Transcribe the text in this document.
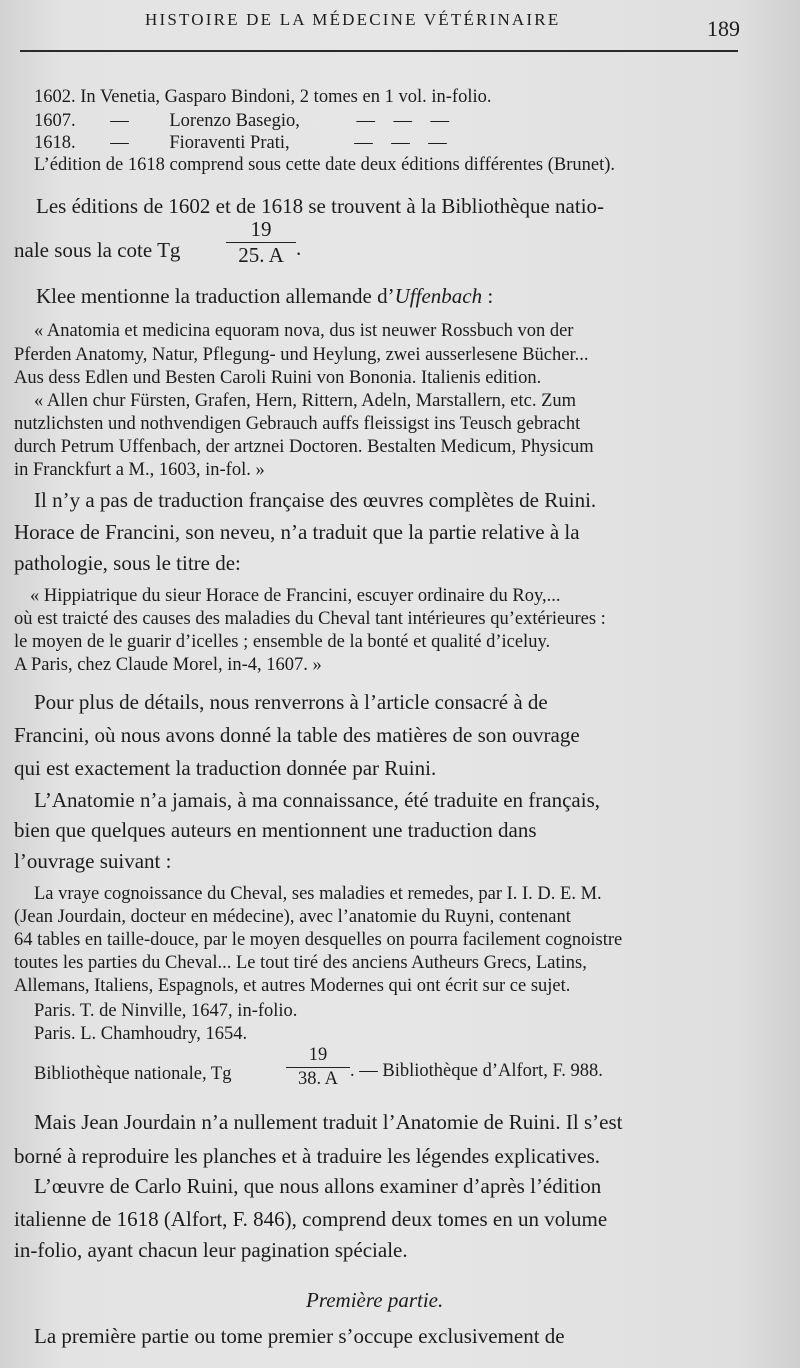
HISTOIRE DE LA MÉDECINE VÉTÉRINAIRE	189
1602. In Venetia, Gasparo Bindoni, 2 tomes en 1 vol. in-folio.
1607. — Lorenzo Basegio,	—    —    —
1618. — Fioraventi Prati,	—    —    —
L’édition de 1618 comprend sous cette date deux éditions différentes (Brunet).
Les éditions de 1602 et de 1618 se trouvent à la Bibliothèque natio-
nale sous la cote Tg
19
25. A .
Klee mentionne la traduction allemande d’Uffenbach :
« Anatomia et medicina equoram nova, dus ist neuwer Rossbuch von der
Pferden Anatomy, Natur, Pflegung- und Heylung, zwei ausserlesene Bücher...
Aus dess Edlen und Besten Caroli Ruini von Bononia. Italienis edition.
« Allen chur Fürsten, Grafen, Hern, Rittern, Adeln, Marstallern, etc. Zum
nutzlichsten und nothvendigen Gebrauch auffs fleissigst ins Teusch gebracht
durch Petrum Uffenbach, der artznei Doctoren. Bestalten Medicum, Physicum
in Franckfurt a M., 1603, in-fol. »
Il n’y a pas de traduction française des œuvres complètes de Ruini.
Horace de Francini, son neveu, n’a traduit que la partie relative à la
pathologie, sous le titre de:
« Hippiatrique du sieur Horace de Francini, escuyer ordinaire du Roy,...
où est traicté des causes des maladies du Cheval tant intérieures qu’extérieures :
le moyen de le guarir d’icelles ; ensemble de la bonté et qualité d’iceluy.
A Paris, chez Claude Morel, in-4, 1607. »
Pour plus de détails, nous renverrons à l’article consacré à de
Francini, où nous avons donné la table des matières de son ouvrage
qui est exactement la traduction donnée par Ruini.
L’Anatomie n’a jamais, à ma connaissance, été traduite en français,
bien que quelques auteurs en mentionnent une traduction dans
l’ouvrage suivant :
La vraye cognoissance du Cheval, ses maladies et remedes, par I. I. D. E. M.
(Jean Jourdain, docteur en médecine), avec l’anatomie du Ruyni, contenant
64 tables en taille-douce, par le moyen desquelles on pourra facilement cognoistre
toutes les parties du Cheval... Le tout tiré des anciens Autheurs Grecs, Latins,
Allemans, Italiens, Espagnols, et autres Modernes qui ont écrit sur ce sujet.
Paris. T. de Ninville, 1647, in-folio.
Paris. L. Chamhoudry, 1654.
Bibliothèque nationale, Tg
19
38. A . — Bibliothèque d’Alfort, F. 988.
Mais Jean Jourdain n’a nullement traduit l’Anatomie de Ruini. Il s’est
borné à reproduire les planches et à traduire les légendes explicatives.
L’œuvre de Carlo Ruini, que nous allons examiner d’après l’édition
italienne de 1618 (Alfort, F. 846), comprend deux tomes en un volume
in-folio, ayant chacun leur pagination spéciale.
Première partie.
La première partie ou tome premier s’occupe exclusivement de
